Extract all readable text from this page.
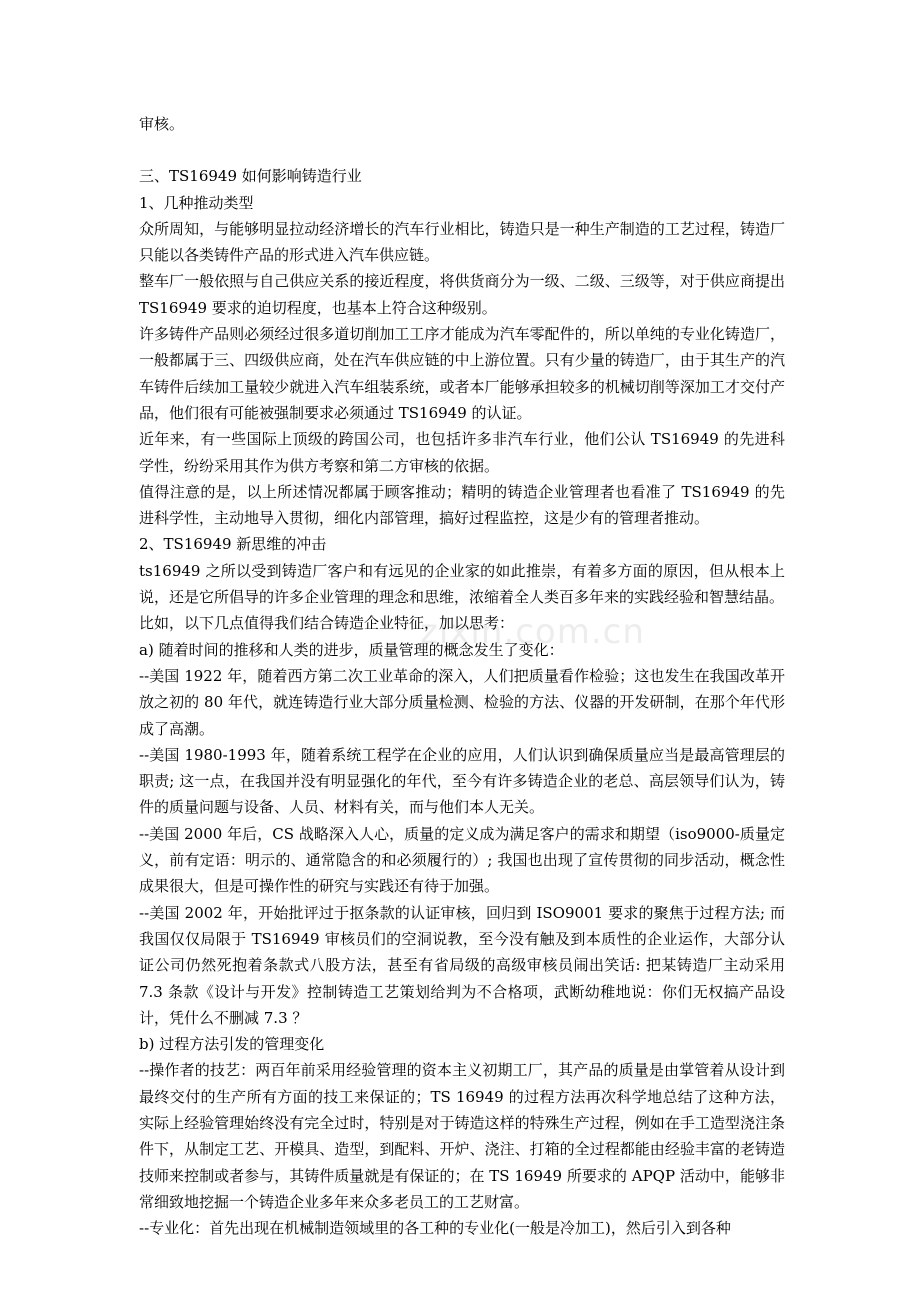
zixin.com.cn

审核。

三、TS16949 如何影响铸造行业

1、几种推动类型

众所周知，与能够明显拉动经济增长的汽车行业相比，铸造只是一种生产制造的工艺过程，铸造厂只能以各类铸件产品的形式进入汽车供应链。

整车厂一般依照与自己供应关系的接近程度，将供货商分为一级、二级、三级等，对于供应商提出 TS16949 要求的迫切程度，也基本上符合这种级别。

许多铸件产品则必须经过很多道切削加工工序才能成为汽车零配件的，所以单纯的专业化铸造厂，一般都属于三、四级供应商，处在汽车供应链的中上游位置。只有少量的铸造厂，由于其生产的汽车铸件后续加工量较少就进入汽车组装系统，或者本厂能够承担较多的机械切削等深加工才交付产品，他们很有可能被强制要求必须通过 TS16949 的认证。

近年来，有一些国际上顶级的跨国公司，也包括许多非汽车行业，他们公认 TS16949 的先进科学性，纷纷采用其作为供方考察和第二方审核的依据。

值得注意的是，以上所述情况都属于顾客推动；精明的铸造企业管理者也看准了 TS16949 的先进科学性，主动地导入贯彻，细化内部管理，搞好过程监控，这是少有的管理者推动。

2、TS16949 新思维的冲击

ts16949 之所以受到铸造厂客户和有远见的企业家的如此推崇，有着多方面的原因，但从根本上说，还是它所倡导的许多企业管理的理念和思维，浓缩着全人类百多年来的实践经验和智慧结晶。

比如，以下几点值得我们结合铸造企业特征，加以思考：

a) 随着时间的推移和人类的进步，质量管理的概念发生了变化：

--美国 1922 年，随着西方第二次工业革命的深入，人们把质量看作检验；这也发生在我国改革开放之初的 80 年代，就连铸造行业大部分质量检测、检验的方法、仪器的开发研制，在那个年代形成了高潮。

--美国 1980-1993 年，随着系统工程学在企业的应用，人们认识到确保质量应当是最高管理层的职责; 这一点，在我国并没有明显强化的年代，至今有许多铸造企业的老总、高层领导们认为，铸件的质量问题与设备、人员、材料有关，而与他们本人无关。

--美国 2000 年后，CS 战略深入人心，质量的定义成为满足客户的需求和期望（iso9000-质量定义，前有定语：明示的、通常隐含的和必须履行的）; 我国也出现了宣传贯彻的同步活动，概念性成果很大，但是可操作性的研究与实践还有待于加强。

--美国 2002 年，开始批评过于抠条款的认证审核，回归到 ISO9001 要求的聚焦于过程方法; 而我国仅仅局限于 TS16949 审核员们的空洞说教，至今没有触及到本质性的企业运作，大部分认证公司仍然死抱着条款式八股方法，甚至有省局级的高级审核员闹出笑话: 把某铸造厂主动采用 7.3 条款《设计与开发》控制铸造工艺策划给判为不合格项，武断幼稚地说：你们无权搞产品设计，凭什么不删减 7.3 ？

b) 过程方法引发的管理变化

--操作者的技艺：两百年前采用经验管理的资本主义初期工厂，其产品的质量是由掌管着从设计到最终交付的生产所有方面的技工来保证的；TS 16949 的过程方法再次科学地总结了这种方法，实际上经验管理始终没有完全过时，特别是对于铸造这样的特殊生产过程，例如在手工造型浇注条件下，从制定工艺、开模具、造型，到配料、开炉、浇注、打箱的全过程都能由经验丰富的老铸造技师来控制或者参与，其铸件质量就是有保证的；在 TS 16949 所要求的 APQP 活动中，能够非常细致地挖掘一个铸造企业多年来众多老员工的工艺财富。

--专业化：首先出现在机械制造领域里的各工种的专业化(一般是冷加工)，然后引入到各种
